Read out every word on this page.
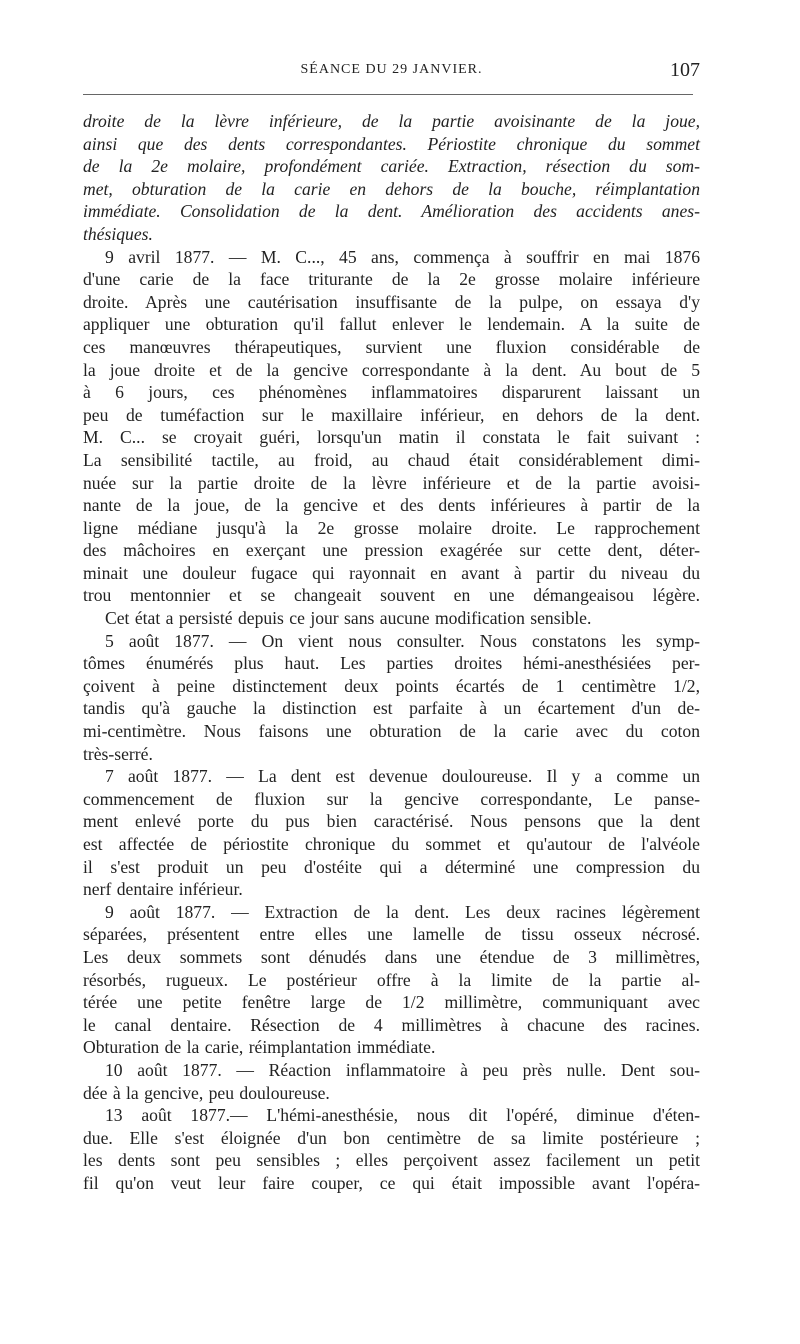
SÉANCE DU 29 JANVIER.	107
droite de la lèvre inférieure, de la partie avoisinante de la joue,
ainsi que des dents correspondantes. Périostite chronique du sommet
de la 2e molaire, profondément cariée. Extraction, résection du som-
met, obturation de la carie en dehors de la bouche, réimplantation
immédiate. Consolidation de la dent. Amélioration des accidents anes-
thésiques.
9 avril 1877. — M. C..., 45 ans, commença à souffrir en mai 1876
d'une carie de la face triturante de la 2e grosse molaire inférieure
droite. Après une cautérisation insuffisante de la pulpe, on essaya d'y
appliquer une obturation qu'il fallut enlever le lendemain. A la suite de
ces manœuvres thérapeutiques, survient une fluxion considérable de
la joue droite et de la gencive correspondante à la dent. Au bout de 5
à 6 jours, ces phénomènes inflammatoires disparurent laissant un
peu de tuméfaction sur le maxillaire inférieur, en dehors de la dent.
M. C... se croyait guéri, lorsqu'un matin il constata le fait suivant :
La sensibilité tactile, au froid, au chaud était considérablement dimi-
nuée sur la partie droite de la lèvre inférieure et de la partie avoisi-
nante de la joue, de la gencive et des dents inférieures à partir de la
ligne médiane jusqu'à la 2e grosse molaire droite. Le rapprochement
des mâchoires en exerçant une pression exagérée sur cette dent, déter-
minait une douleur fugace qui rayonnait en avant à partir du niveau du
trou mentonnier et se changeait souvent en une démangeaisou légère.
Cet état a persisté depuis ce jour sans aucune modification sensible.
5 août 1877. — On vient nous consulter. Nous constatons les symp-
tômes énumérés plus haut. Les parties droites hémi-anesthésiées per-
çoivent à peine distinctement deux points écartés de 1 centimètre 1/2,
tandis qu'à gauche la distinction est parfaite à un écartement d'un de-
mi-centimètre. Nous faisons une obturation de la carie avec du coton
très-serré.
7 août 1877. — La dent est devenue douloureuse. Il y a comme un
commencement de fluxion sur la gencive correspondante, Le panse-
ment enlevé porte du pus bien caractérisé. Nous pensons que la dent
est affectée de périostite chronique du sommet et qu'autour de l'alvéole
il s'est produit un peu d'ostéite qui a déterminé une compression du
nerf dentaire inférieur.
9 août 1877. — Extraction de la dent. Les deux racines légèrement
séparées, présentent entre elles une lamelle de tissu osseux nécrosé.
Les deux sommets sont dénudés dans une étendue de 3 millimètres,
résorbés, rugueux. Le postérieur offre à la limite de la partie al-
térée une petite fenêtre large de 1/2 millimètre, communiquant avec
le canal dentaire. Résection de 4 millimètres à chacune des racines.
Obturation de la carie, réimplantation immédiate.
10 août 1877. — Réaction inflammatoire à peu près nulle. Dent sou-
dée à la gencive, peu douloureuse.
13 août 1877.— L'hémi-anesthésie, nous dit l'opéré, diminue d'éten-
due. Elle s'est éloignée d'un bon centimètre de sa limite postérieure ;
les dents sont peu sensibles ; elles perçoivent assez facilement un petit
fil qu'on veut leur faire couper, ce qui était impossible avant l'opéra-
